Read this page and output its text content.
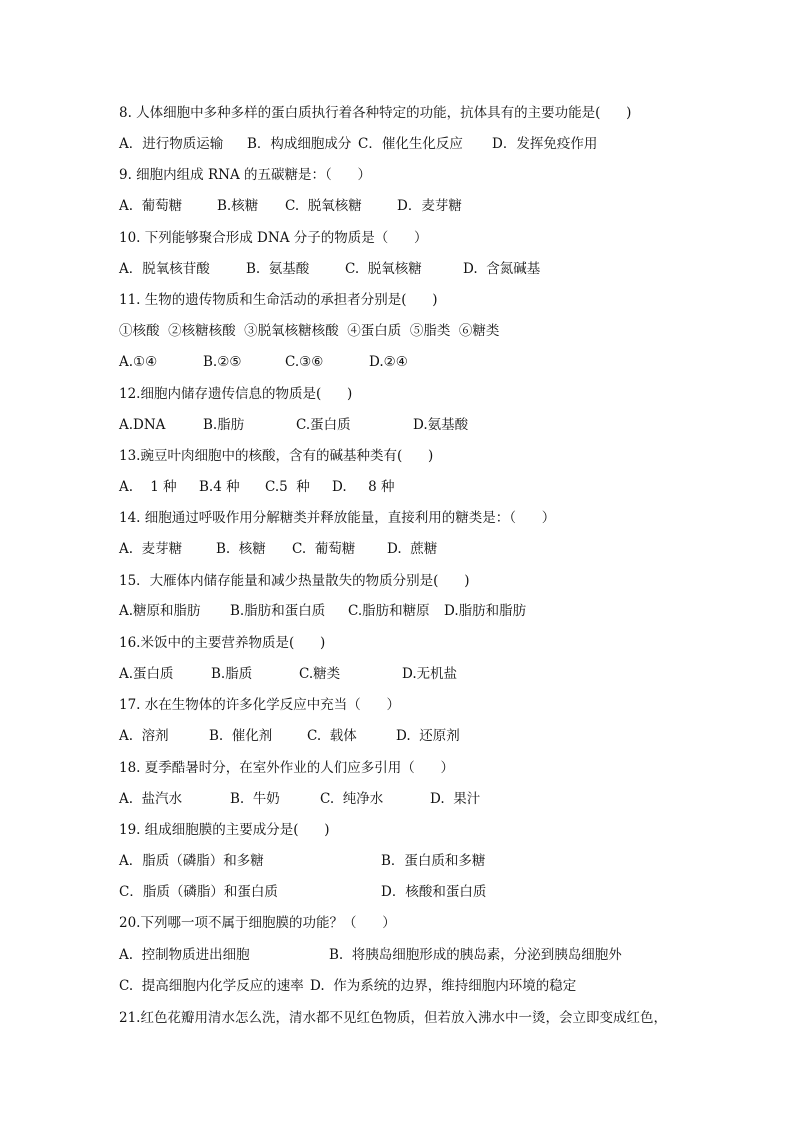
8. 人体细胞中多种多样的蛋白质执行着各种特定的功能，抗体具有的主要功能是(      )
A．进行物质运输 B．构成细胞成分 C．催化生化反应 D．发挥免疫作用
9. 细胞内组成 RNA 的五碳糖是：（      ）
A.  葡萄糖	B.核糖 C.  脱氧核糖	D．麦芽糖
10. 下列能够聚合形成 DNA 分子的物质是（      ）
A．脱氧核苷酸	B.  氨基酸	C.  脱氧核糖	D.  含氮碱基
11. 生物的遗传物质和生命活动的承担者分别是(      )
①核酸  ②核糖核酸  ③脱氧核糖核酸  ④蛋白质  ⑤脂类  ⑥糖类
A.①④	B.②⑤	C.③⑥	D.②④
12.细胞内储存遗传信息的物质是(      )
A.DNA	B.脂肪	C.蛋白质	D.氨基酸
13.豌豆叶肉细胞中的核酸，含有的碱基种类有(      )
A.    1 种 B.4 种 C.5  种 D.     8 种
14. 细胞通过呼吸作用分解糖类并释放能量，直接利用的糖类是：（      ）
A.  麦芽糖	B.  核糖 C.  葡萄糖 D.  蔗糖
15．大雁体内储存能量和减少热量散失的物质分别是(      )
A.糖原和脂肪 B.脂肪和蛋白质 C.脂肪和糖原 D.脂肪和脂肪
16.米饭中的主要营养物质是(      )
A.蛋白质	B.脂质	C.糖类	D.无机盐
17. 水在生物体的许多化学反应中充当（      ）
A.  溶剂	B.  催化剂	C.  载体	D.  还原剂
18. 夏季酷暑时分，在室外作业的人们应多引用（      ）
A.  盐汽水	B.  牛奶	C.  纯净水	D.  果汁
19. 组成细胞膜的主要成分是(      )
A．脂质（磷脂）和多糖	B．蛋白质和多糖
C．脂质（磷脂）和蛋白质	D．核酸和蛋白质
20.下列哪一项不属于细胞膜的功能？（      ）
A.  控制物质进出细胞	B.  将胰岛细胞形成的胰岛素，分泌到胰岛细胞外
C.  提高细胞内化学反应的速率 D.  作为系统的边界，维持细胞内环境的稳定
21.红色花瓣用清水怎么洗，清水都不见红色物质，但若放入沸水中一烫，会立即变成红色，
